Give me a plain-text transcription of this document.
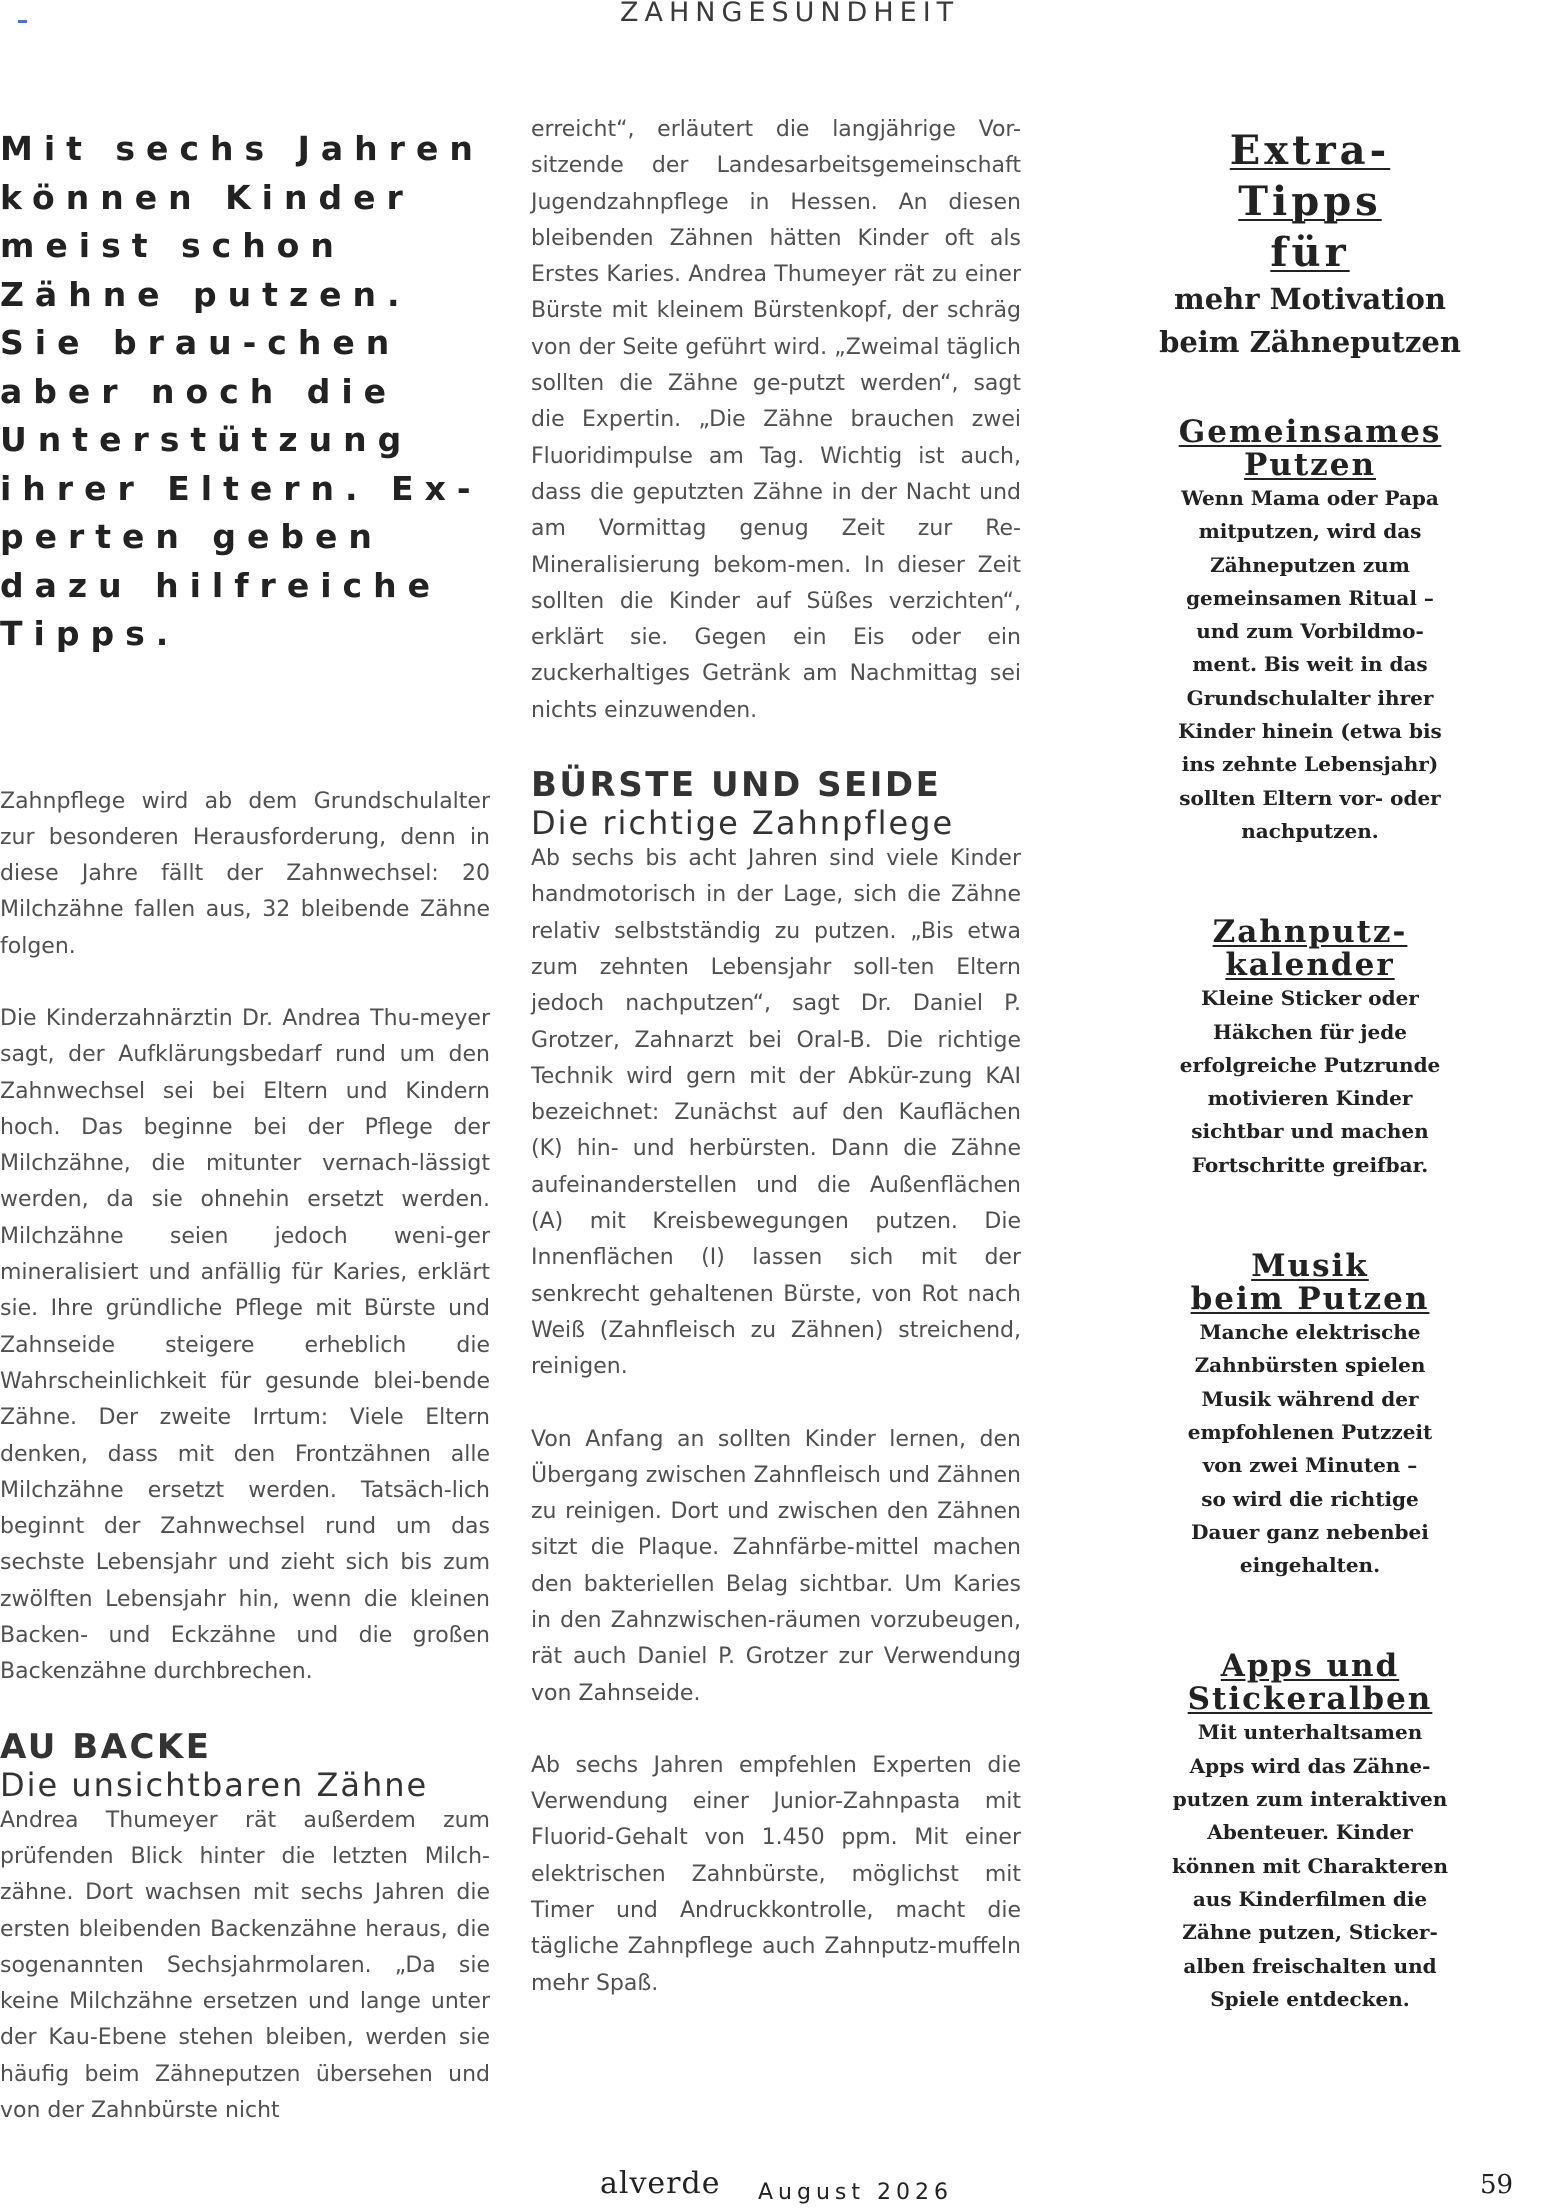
ZAHNGESUNDHEIT

Mit sechs Jahren können Kinder meist schon Zähne putzen. Sie brau-chen aber noch die Unterstützung ihrer Eltern. Ex-perten geben dazu hilfreiche Tipps.

Zahnpflege wird ab dem Grundschulalter zur besonderen Herausforderung, denn in diese Jahre fällt der Zahnwechsel: 20 Milchzähne fallen aus, 32 bleibende Zähne folgen.

Die Kinderzahnärztin Dr. Andrea Thu-meyer sagt, der Aufklärungsbedarf rund um den Zahnwechsel sei bei Eltern und Kindern hoch. Das beginne bei der Pflege der Milchzähne, die mitunter vernach-lässigt werden, da sie ohnehin ersetzt werden. Milchzähne seien jedoch weni-ger mineralisiert und anfällig für Karies, erklärt sie. Ihre gründliche Pflege mit Bürste und Zahnseide steigere erheblich die Wahrscheinlichkeit für gesunde blei-bende Zähne. Der zweite Irrtum: Viele Eltern denken, dass mit den Frontzähnen alle Milchzähne ersetzt werden. Tatsäch-lich beginnt der Zahnwechsel rund um das sechste Lebensjahr und zieht sich bis zum zwölften Lebensjahr hin, wenn die kleinen Backen- und Eckzähne und die großen Backenzähne durchbrechen.

AU BACKE

Die unsichtbaren Zähne

Andrea Thumeyer rät außerdem zum prüfenden Blick hinter die letzten Milch-zähne. Dort wachsen mit sechs Jahren die ersten bleibenden Backenzähne heraus, die sogenannten Sechsjahrmolaren. „Da sie keine Milchzähne ersetzen und lange unter der Kau-Ebene stehen bleiben, werden sie häufig beim Zähneputzen übersehen und von der Zahnbürste nicht

erreicht“, erläutert die langjährige Vor-sitzende der Landesarbeitsgemeinschaft Jugendzahnpflege in Hessen. An diesen bleibenden Zähnen hätten Kinder oft als Erstes Karies. Andrea Thumeyer rät zu einer Bürste mit kleinem Bürstenkopf, der schräg von der Seite geführt wird. „Zweimal täglich sollten die Zähne ge-putzt werden“, sagt die Expertin. „Die Zähne brauchen zwei Fluoridimpulse am Tag. Wichtig ist auch, dass die geputzten Zähne in der Nacht und am Vormittag genug Zeit zur Re-Mineralisierung bekom-men. In dieser Zeit sollten die Kinder auf Süßes verzichten“, erklärt sie. Gegen ein Eis oder ein zuckerhaltiges Getränk am Nachmittag sei nichts einzuwenden.

BÜRSTE UND SEIDE

Die richtige Zahnpflege

Ab sechs bis acht Jahren sind viele Kinder handmotorisch in der Lage, sich die Zähne relativ selbstständig zu putzen. „Bis etwa zum zehnten Lebensjahr soll-ten Eltern jedoch nachputzen“, sagt Dr. Daniel P. Grotzer, Zahnarzt bei Oral-B. Die richtige Technik wird gern mit der Abkür-zung KAI bezeichnet: Zunächst auf den Kauflächen (K) hin- und herbürsten. Dann die Zähne aufeinanderstellen und die Außenflächen (A) mit Kreisbewegungen putzen. Die Innenflächen (I) lassen sich mit der senkrecht gehaltenen Bürste, von Rot nach Weiß (Zahnfleisch zu Zähnen) streichend, reinigen.

Von Anfang an sollten Kinder lernen, den Übergang zwischen Zahnfleisch und Zähnen zu reinigen. Dort und zwischen den Zähnen sitzt die Plaque. Zahnfärbe-mittel machen den bakteriellen Belag sichtbar. Um Karies in den Zahnzwischen-räumen vorzubeugen, rät auch Daniel P. Grotzer zur Verwendung von Zahnseide.

Ab sechs Jahren empfehlen Experten die Verwendung einer Junior-Zahnpasta mit Fluorid-Gehalt von 1.450 ppm. Mit einer elektrischen Zahnbürste, möglichst mit Timer und Andruckkontrolle, macht die tägliche Zahnpflege auch Zahnputz-muffeln mehr Spaß.

Extra-

Tipps

für

mehr Motivation

beim Zähneputzen

Gemeinsames

Putzen

Wenn Mama oder Papa

mitputzen, wird das

Zähneputzen zum

gemeinsamen Ritual –

und zum Vorbildmo-

ment. Bis weit in das

Grundschulalter ihrer

Kinder hinein (etwa bis

ins zehnte Lebensjahr)

sollten Eltern vor- oder

nachputzen.

Zahnputz-

kalender

Kleine Sticker oder

Häkchen für jede

erfolgreiche Putzrunde

motivieren Kinder

sichtbar und machen

Fortschritte greifbar.

Musik

beim Putzen

Manche elektrische

Zahnbürsten spielen

Musik während der

empfohlenen Putzzeit

von zwei Minuten –

so wird die richtige

Dauer ganz nebenbei

eingehalten.

Apps und

Stickeralben

Mit unterhaltsamen

Apps wird das Zähne-

putzen zum interaktiven

Abenteuer. Kinder

können mit Charakteren

aus Kinderfilmen die

Zähne putzen, Sticker-

alben freischalten und

Spiele entdecken.

alverde August 2026	59
